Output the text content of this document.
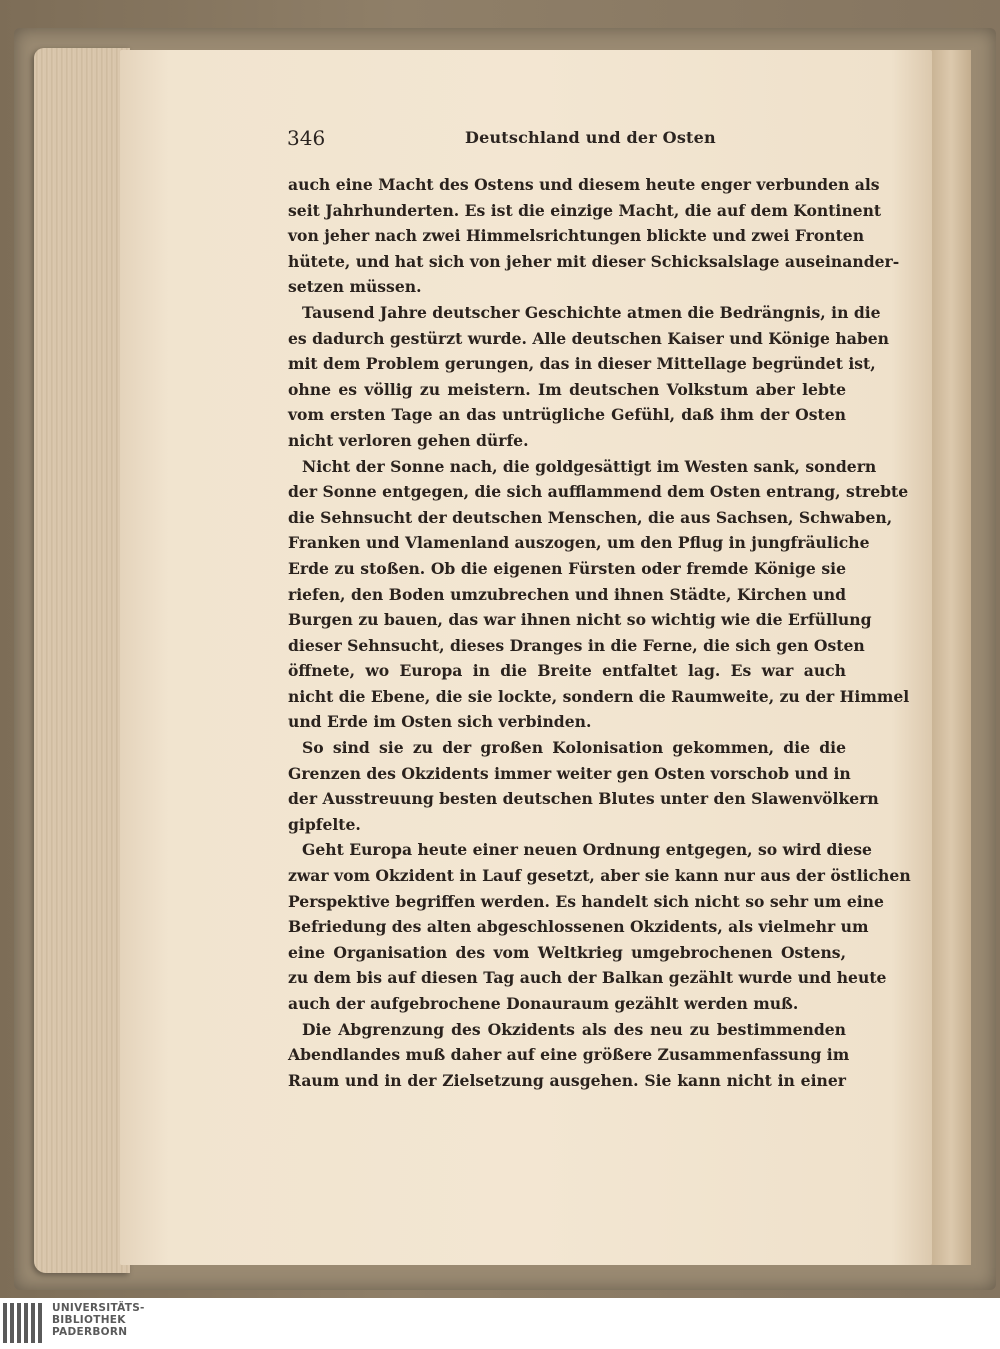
346	Deutschland und der Osten
auch eine Macht des Ostens und diesem heute enger verbunden als
seit Jahrhunderten. Es ist die einzige Macht, die auf dem Kontinent
von jeher nach zwei Himmelsrichtungen blickte und zwei Fronten
hütete, und hat sich von jeher mit dieser Schicksalslage auseinander-
setzen müssen.
Tausend Jahre deutscher Geschichte atmen die Bedrängnis, in die
es dadurch gestürzt wurde. Alle deutschen Kaiser und Könige haben
mit dem Problem gerungen, das in dieser Mittellage begründet ist,
ohne es völlig zu meistern. Im deutschen Volkstum aber lebte
vom ersten Tage an das untrügliche Gefühl, daß ihm der Osten
nicht verloren gehen dürfe.
Nicht der Sonne nach, die goldgesättigt im Westen sank, sondern
der Sonne entgegen, die sich aufflammend dem Osten entrang, strebte
die Sehnsucht der deutschen Menschen, die aus Sachsen, Schwaben,
Franken und Vlamenland auszogen, um den Pflug in jungfräuliche
Erde zu stoßen. Ob die eigenen Fürsten oder fremde Könige sie
riefen, den Boden umzubrechen und ihnen Städte, Kirchen und
Burgen zu bauen, das war ihnen nicht so wichtig wie die Erfüllung
dieser Sehnsucht, dieses Dranges in die Ferne, die sich gen Osten
öffnete, wo Europa in die Breite entfaltet lag. Es war auch
nicht die Ebene, die sie lockte, sondern die Raumweite, zu der Himmel
und Erde im Osten sich verbinden.
So sind sie zu der großen Kolonisation gekommen, die die
Grenzen des Okzidents immer weiter gen Osten vorschob und in
der Ausstreuung besten deutschen Blutes unter den Slawenvölkern
gipfelte.
Geht Europa heute einer neuen Ordnung entgegen, so wird diese
zwar vom Okzident in Lauf gesetzt, aber sie kann nur aus der östlichen
Perspektive begriffen werden. Es handelt sich nicht so sehr um eine
Befriedung des alten abgeschlossenen Okzidents, als vielmehr um
eine Organisation des vom Weltkrieg umgebrochenen Ostens,
zu dem bis auf diesen Tag auch der Balkan gezählt wurde und heute
auch der aufgebrochene Donauraum gezählt werden muß.
Die Abgrenzung des Okzidents als des neu zu bestimmenden
Abendlandes muß daher auf eine größere Zusammenfassung im
Raum und in der Zielsetzung ausgehen. Sie kann nicht in einer
UNIVERSITÄTS-
BIBLIOTHEK
PADERBORN
